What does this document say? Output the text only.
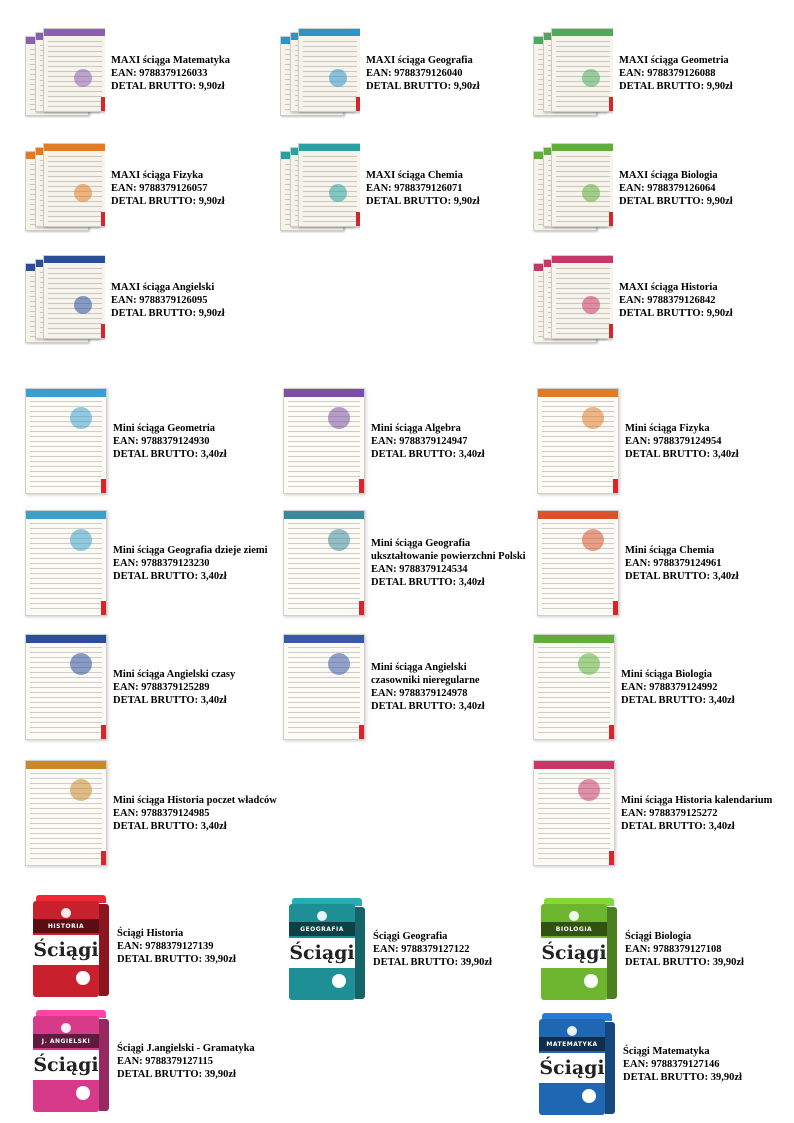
MAXI ściąga Matematyka
EAN: 9788379126033
DETAL BRUTTO: 9,90zł
MAXI ściąga Geografia
EAN: 9788379126040
DETAL BRUTTO: 9,90zł
MAXI ściąga Geometria
EAN: 9788379126088
DETAL BRUTTO: 9,90zł
MAXI ściąga Fizyka
EAN: 9788379126057
DETAL BRUTTO: 9,90zł
MAXI ściąga Chemia
EAN: 9788379126071
DETAL BRUTTO: 9,90zł
MAXI ściąga Biologia
EAN: 9788379126064
DETAL BRUTTO: 9,90zł
MAXI ściąga Angielski
EAN: 9788379126095
DETAL BRUTTO: 9,90zł
MAXI ściąga Historia
EAN: 9788379126842
DETAL BRUTTO: 9,90zł
Mini ściąga Geometria
EAN: 9788379124930
DETAL BRUTTO: 3,40zł
Mini ściąga Algebra
EAN: 9788379124947
DETAL BRUTTO: 3,40zł
Mini ściąga Fizyka
EAN: 9788379124954
DETAL BRUTTO: 3,40zł
Mini ściąga Geografia dzieje ziemi
EAN: 9788379123230
DETAL BRUTTO: 3,40zł
Mini ściąga Geografia
ukształtowanie powierzchni Polski
EAN: 9788379124534
DETAL BRUTTO: 3,40zł
Mini ściąga Chemia
EAN: 9788379124961
DETAL BRUTTO: 3,40zł
Mini ściąga Angielski czasy
EAN: 9788379125289
DETAL BRUTTO: 3,40zł
Mini ściąga Angielski
czasowniki nieregularne
EAN: 9788379124978
DETAL BRUTTO: 3,40zł
Mini ściąga Biologia
EAN: 9788379124992
DETAL BRUTTO: 3,40zł
Mini ściąga Historia poczet władców
EAN: 9788379124985
DETAL BRUTTO: 3,40zł
Mini ściąga Historia kalendarium
EAN: 9788379125272
DETAL BRUTTO: 3,40zł
HISTORIA
Ściągi
Ściągi Historia
EAN: 9788379127139
DETAL BRUTTO: 39,90zł
GEOGRAFIA
Ściągi
Ściągi Geografia
EAN: 9788379127122
DETAL BRUTTO: 39,90zł
BIOLOGIA
Ściągi
Ściągi Biologia
EAN: 9788379127108
DETAL BRUTTO: 39,90zł
J. ANGIELSKI
Ściągi
Ściągi J.angielski - Gramatyka
EAN: 9788379127115
DETAL BRUTTO: 39,90zł
MATEMATYKA
Ściągi
Ściągi Matematyka
EAN: 9788379127146
DETAL BRUTTO: 39,90zł
